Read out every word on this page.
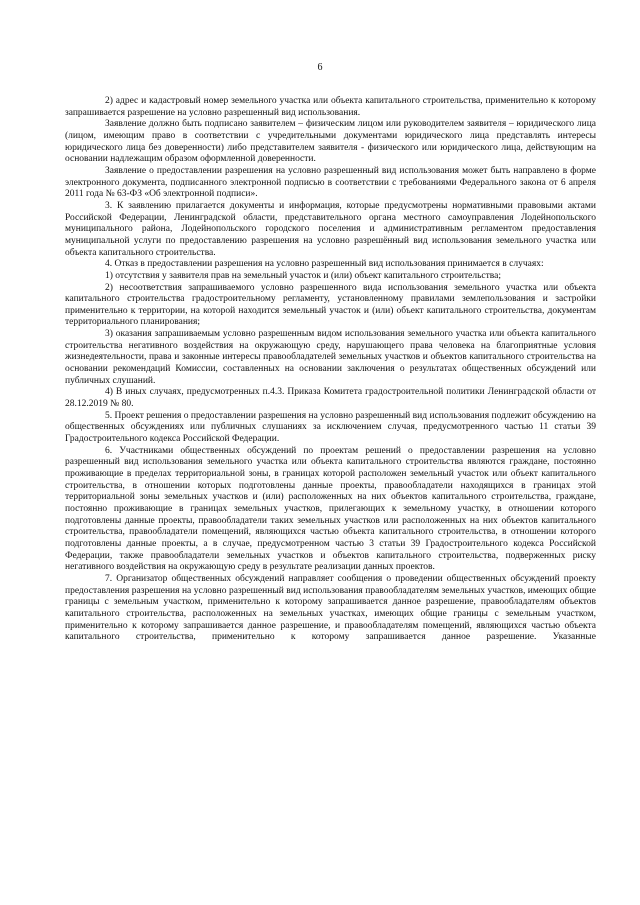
6

2) адрес и кадастровый номер земельного участка или объекта капитального строительства, применительно к которому запрашивается разрешение на условно разрешенный вид использования.

Заявление должно быть подписано заявителем – физическим лицом или руководителем заявителя – юридического лица (лицом, имеющим право в соответствии с учредительными документами юридического лица представлять интересы юридического лица без доверенности) либо представителем заявителя - физического или юридического лица, действующим на основании надлежащим образом оформленной доверенности.

Заявление о предоставлении разрешения на условно разрешенный вид использования может быть направлено в форме электронного документа, подписанного электронной подписью в соответствии с требованиями Федерального закона от 6 апреля 2011 года № 63-ФЗ «Об электронной подписи».

3. К заявлению прилагается документы и информация, которые предусмотрены нормативными правовыми актами Российской Федерации, Ленинградской области, представительного органа местного самоуправления Лодейнопольского муниципального района, Лодейнопольского городского поселения и административным регламентом предоставления муниципальной услуги по предоставлению разрешения на условно разрешённый вид использования земельного участка или объекта капитального строительства.

4. Отказ в предоставлении разрешения на условно разрешенный вид использования принимается в случаях:

1) отсутствия у заявителя прав на земельный участок и (или) объект капитального строительства;

2) несоответствия запрашиваемого условно разрешенного вида использования земельного участка или объекта капитального строительства градостроительному регламенту, установленному правилами землепользования и застройки применительно к территории, на которой находится земельный участок и (или) объект капитального строительства, документам территориального планирования;

3) оказания запрашиваемым условно разрешенным видом использования земельного участка или объекта капитального строительства негативного воздействия на окружающую среду, нарушающего права человека на благоприятные условия жизнедеятельности, права и законные интересы правообладателей земельных участков и объектов капитального строительства на основании рекомендаций Комиссии, составленных на основании заключения о результатах общественных обсуждений или публичных слушаний.

4) В иных случаях, предусмотренных п.4.3. Приказа Комитета градостроительной политики Ленинградской области от 28.12.2019 № 80.

5. Проект решения о предоставлении разрешения на условно разрешенный вид использования подлежит обсуждению на общественных обсуждениях или публичных слушаниях за исключением случая, предусмотренного частью 11 статьи 39 Градостроительного кодекса Российской Федерации.

6. Участниками общественных обсуждений по проектам решений о предоставлении разрешения на условно разрешенный вид использования земельного участка или объекта капитального строительства являются граждане, постоянно проживающие в пределах территориальной зоны, в границах которой расположен земельный участок или объект капитального строительства, в отношении которых подготовлены данные проекты, правообладатели находящихся в границах этой территориальной зоны земельных участков и (или) расположенных на них объектов капитального строительства, граждане, постоянно проживающие в границах земельных участков, прилегающих к земельному участку, в отношении которого подготовлены данные проекты, правообладатели таких земельных участков или расположенных на них объектов капитального строительства, правообладатели помещений, являющихся частью объекта капитального строительства, в отношении которого подготовлены данные проекты, а в случае, предусмотренном частью 3 статьи 39 Градостроительного кодекса Российской Федерации, также правообладатели земельных участков и объектов капитального строительства, подверженных риску негативного воздействия на окружающую среду в результате реализации данных проектов.

7. Организатор общественных обсуждений направляет сообщения о проведении общественных обсуждений проекту предоставления разрешения на условно разрешенный вид использования правообладателям земельных участков, имеющих общие границы с земельным участком, применительно к которому запрашивается данное разрешение, правообладателям объектов капитального строительства, расположенных на земельных участках, имеющих общие границы с земельным участком, применительно к которому запрашивается данное разрешение, и правообладателям помещений, являющихся частью объекта капитального строительства, применительно к которому запрашивается данное разрешение. Указанные
